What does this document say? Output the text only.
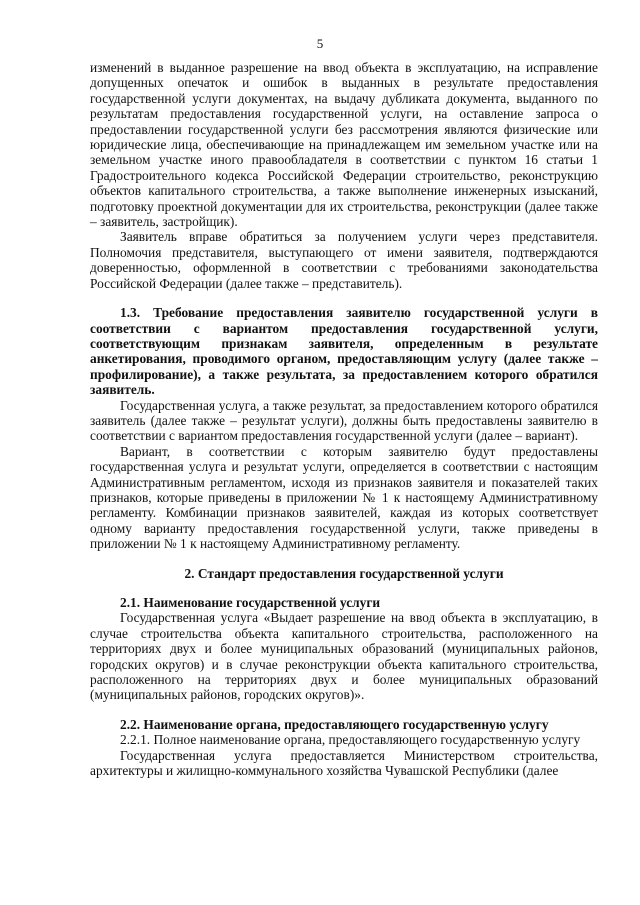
5

изменений в выданное разрешение на ввод объекта в эксплуатацию, на исправление допущенных опечаток и ошибок в выданных в результате предоставления государственной услуги документах, на выдачу дубликата документа, выданного по результатам предоставления государственной услуги, на оставление запроса о предоставлении государственной услуги без рассмотрения являются физические или юридические лица, обеспечивающие на принадлежащем им земельном участке или на земельном участке иного правообладателя в соответствии с пунктом 16 статьи 1 Градостроительного кодекса Российской Федерации строительство, реконструкцию объектов капитального строительства, а также выполнение инженерных изысканий, подготовку проектной документации для их строительства, реконструкции (далее также – заявитель, застройщик).

Заявитель вправе обратиться за получением услуги через представителя. Полномочия представителя, выступающего от имени заявителя, подтверждаются доверенностью, оформленной в соответствии с требованиями законодательства Российской Федерации (далее также – представитель).

1.3. Требование предоставления заявителю государственной услуги в соответствии с вариантом предоставления государственной услуги, соответствующим признакам заявителя, определенным в результате анкетирования, проводимого органом, предоставляющим услугу (далее также – профилирование), а также результата, за предоставлением которого обратился заявитель.

Государственная услуга, а также результат, за предоставлением которого обратился заявитель (далее также – результат услуги), должны быть предоставлены заявителю в соответствии с вариантом предоставления государственной услуги (далее – вариант).

Вариант, в соответствии с которым заявителю будут предоставлены государственная услуга и результат услуги, определяется в соответствии с настоящим Административным регламентом, исходя из признаков заявителя и показателей таких признаков, которые приведены в приложении № 1 к настоящему Административному регламенту. Комбинации признаков заявителей, каждая из которых соответствует одному варианту предоставления государственной услуги, также приведены в приложении № 1 к настоящему Административному регламенту.

2. Стандарт предоставления государственной услуги

2.1. Наименование государственной услуги

Государственная услуга «Выдает разрешение на ввод объекта в эксплуатацию, в случае строительства объекта капитального строительства, расположенного на территориях двух и более муниципальных образований (муниципальных районов, городских округов) и в случае реконструкции объекта капитального строительства, расположенного на территориях двух и более муниципальных образований (муниципальных районов, городских округов)».

2.2. Наименование органа, предоставляющего государственную услугу

2.2.1. Полное наименование органа, предоставляющего государственную услугу

Государственная услуга предоставляется Министерством строительства, архитектуры и жилищно-коммунального хозяйства Чувашской Республики (далее
